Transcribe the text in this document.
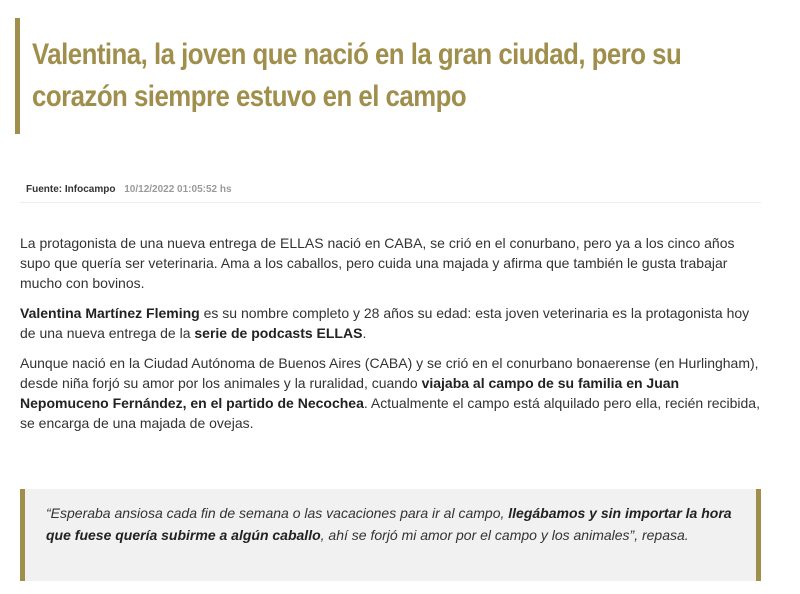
Valentina, la joven que nació en la gran ciudad, pero su corazón siempre estuvo en el campo
Fuente: Infocampo 10/12/2022 01:05:52 hs

La protagonista de una nueva entrega de ELLAS nació en CABA, se crió en el conurbano, pero ya a los cinco años supo que quería ser veterinaria. Ama a los caballos, pero cuida una majada y afirma que también le gusta trabajar mucho con bovinos.

Valentina Martínez Fleming es su nombre completo y 28 años su edad: esta joven veterinaria es la protagonista hoy de una nueva entrega de la serie de podcasts ELLAS.

Aunque nació en la Ciudad Autónoma de Buenos Aires (CABA) y se crió en el conurbano bonaerense (en Hurlingham), desde niña forjó su amor por los animales y la ruralidad, cuando viajaba al campo de su familia en Juan Nepomuceno Fernández, en el partido de Necochea. Actualmente el campo está alquilado pero ella, recién recibida, se encarga de una majada de ovejas.

“Esperaba ansiosa cada fin de semana o las vacaciones para ir al campo, llegábamos y sin importar la hora que fuese quería subirme a algún caballo, ahí se forjó mi amor por el campo y los animales”, repasa.
